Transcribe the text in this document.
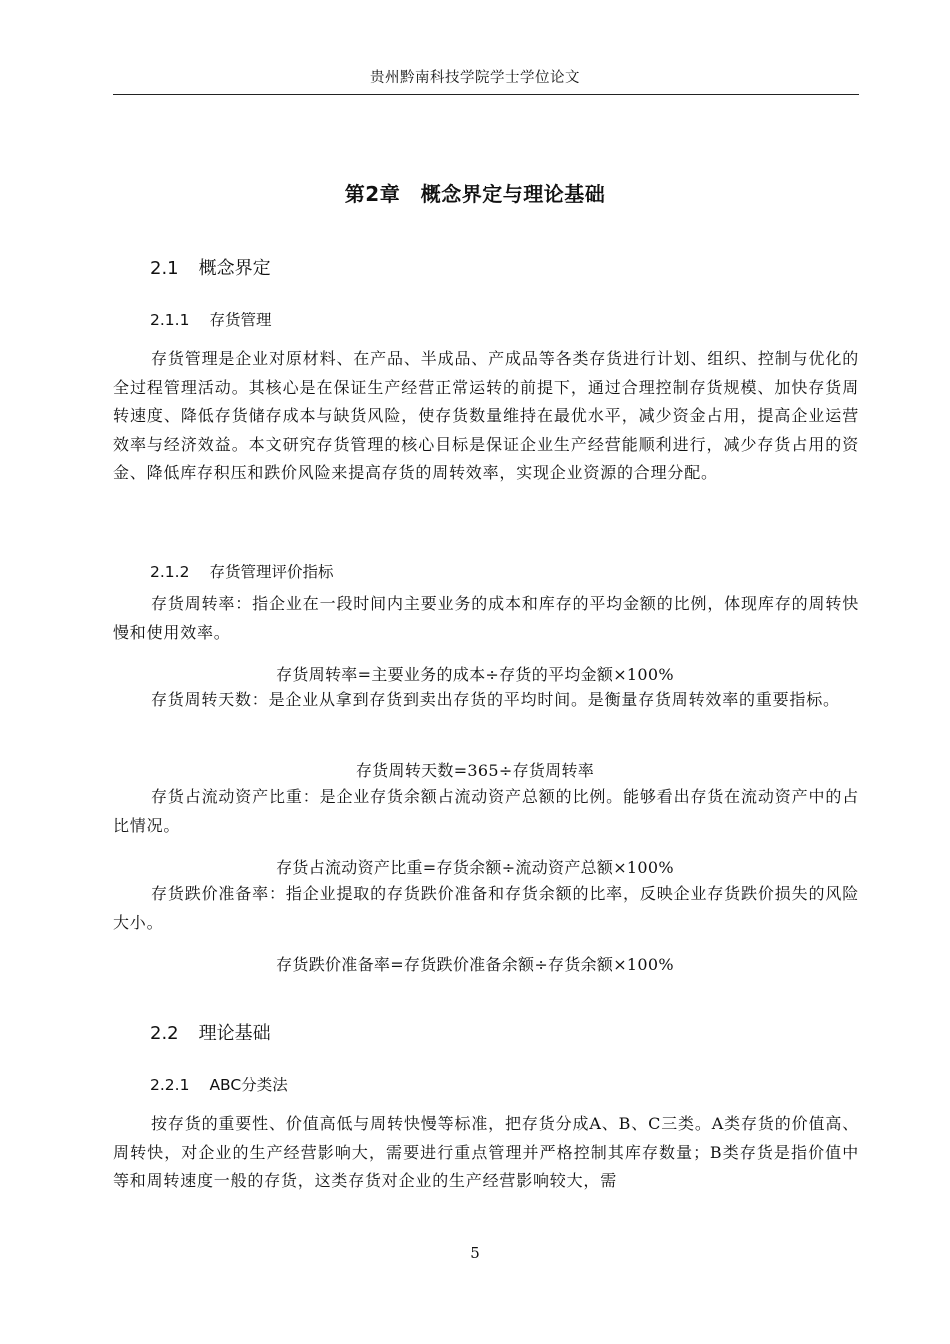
贵州黔南科技学院学士学位论文
第2章　概念界定与理论基础
2.1 概念界定
2.1.1 存货管理

存货管理是企业对原材料、在产品、半成品、产成品等各类存货进行计划、组织、控制与优化的全过程管理活动。其核心是在保证生产经营正常运转的前提下，通过合理控制存货规模、加快存货周转速度、降低存货储存成本与缺货风险，使存货数量维持在最优水平，减少资金占用，提高企业运营效率与经济效益。本文研究存货管理的核心目标是保证企业生产经营能顺利进行，减少存货占用的资金、降低库存积压和跌价风险来提高存货的周转效率，实现企业资源的合理分配。

2.1.2 存货管理评价指标

存货周转率：指企业在一段时间内主要业务的成本和库存的平均金额的比例，体现库存的周转快慢和使用效率。

存货周转率=主要业务的成本÷存货的平均金额×100%

存货周转天数：是企业从拿到存货到卖出存货的平均时间。是衡量存货周转效率的重要指标。

存货周转天数=365÷存货周转率

存货占流动资产比重：是企业存货余额占流动资产总额的比例。能够看出存货在流动资产中的占比情况。

存货占流动资产比重=存货余额÷流动资产总额×100%

存货跌价准备率：指企业提取的存货跌价准备和存货余额的比率，反映企业存货跌价损失的风险大小。

存货跌价准备率=存货跌价准备余额÷存货余额×100%
2.2 理论基础
2.2.1 ABC分类法

按存货的重要性、价值高低与周转快慢等标准，把存货分成A、B、C三类。A类存货的价值高、周转快，对企业的生产经营影响大，需要进行重点管理并严格控制其库存数量；B类存货是指价值中等和周转速度一般的存货，这类存货对企业的生产经营影响较大，需

5
